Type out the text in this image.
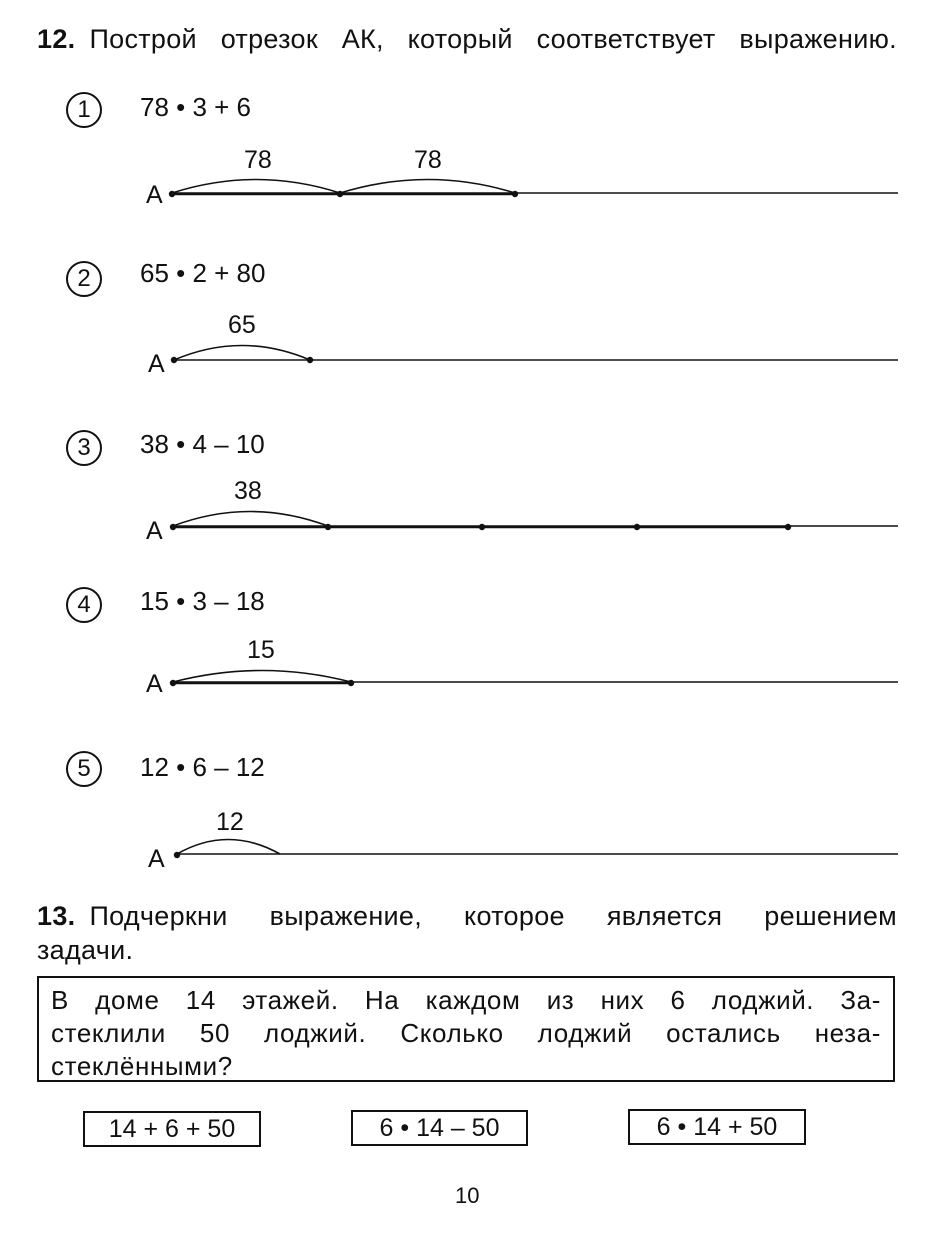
12. Построй отрезок АК, который соответствует выражению.
1	78 • 3 + 6
А
78	78
2	65 • 2 + 80
А
65
3	38 • 4 – 10
А
38
4	15 • 3 – 18
А
15
5	12 • 6 – 12
А
12
13. Подчеркни выражение, которое является решением
задачи.
В доме 14 этажей. На каждом из них 6 лоджий. За-
стеклили 50 лоджий. Сколько лоджий остались неза-
стеклёнными?
14 + 6 + 50	6 • 14 – 50	6 • 14 + 50
10
